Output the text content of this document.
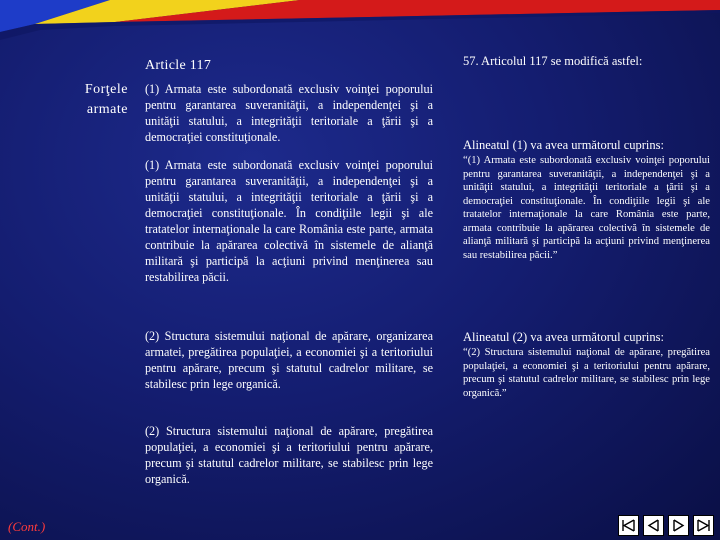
Forţele
armate
Article 117
(1) Armata este subordonată exclusiv voinţei poporului pentru garantarea suveranităţii, a independenţei şi a unităţii statului, a integrităţii teritoriale a ţării şi a democraţiei constituţionale.
(1) Armata este subordonată exclusiv voinţei poporului pentru garantarea suveranităţii, a independenţei şi a unităţii statului, a integrităţii teritoriale a ţării şi a democraţiei constituţionale. În condiţiile legii şi ale tratatelor internaţionale la care România este parte, armata contribuie la apărarea colectivă în sistemele de alianţă militară şi participă la acţiuni privind menţinerea sau restabilirea păcii.
(2) Structura sistemului naţional de apărare, organizarea armatei, pregătirea populaţiei, a economiei şi a teritoriului pentru apărare, precum şi statutul cadrelor militare, se stabilesc prin lege organică.
(2) Structura sistemului naţional de apărare, pregătirea populaţiei, a economiei şi a teritoriului pentru apărare, precum şi statutul cadrelor militare, se stabilesc prin lege organică.
57. Articolul 117 se modifică astfel:
Alineatul (1) va avea următorul cuprins:
“(1) Armata este subordonată exclusiv voinţei poporului pentru garantarea suveranităţii, a independenţei şi a unităţii statului, a integrităţii teritoriale a ţării şi a democraţiei constituţionale. În condiţiile legii şi ale tratatelor internaţionale la care România este parte, armata contribuie la apărarea colectivă în sistemele de alianţă militară şi participă la acţiuni privind menţinerea sau restabilirea păcii.”
Alineatul (2) va avea următorul cuprins:
“(2) Structura sistemului naţional de apărare, pregătirea populaţiei, a economiei şi a teritoriului pentru apărare, precum şi statutul cadrelor militare, se stabilesc prin lege organică.”
(Cont.)
